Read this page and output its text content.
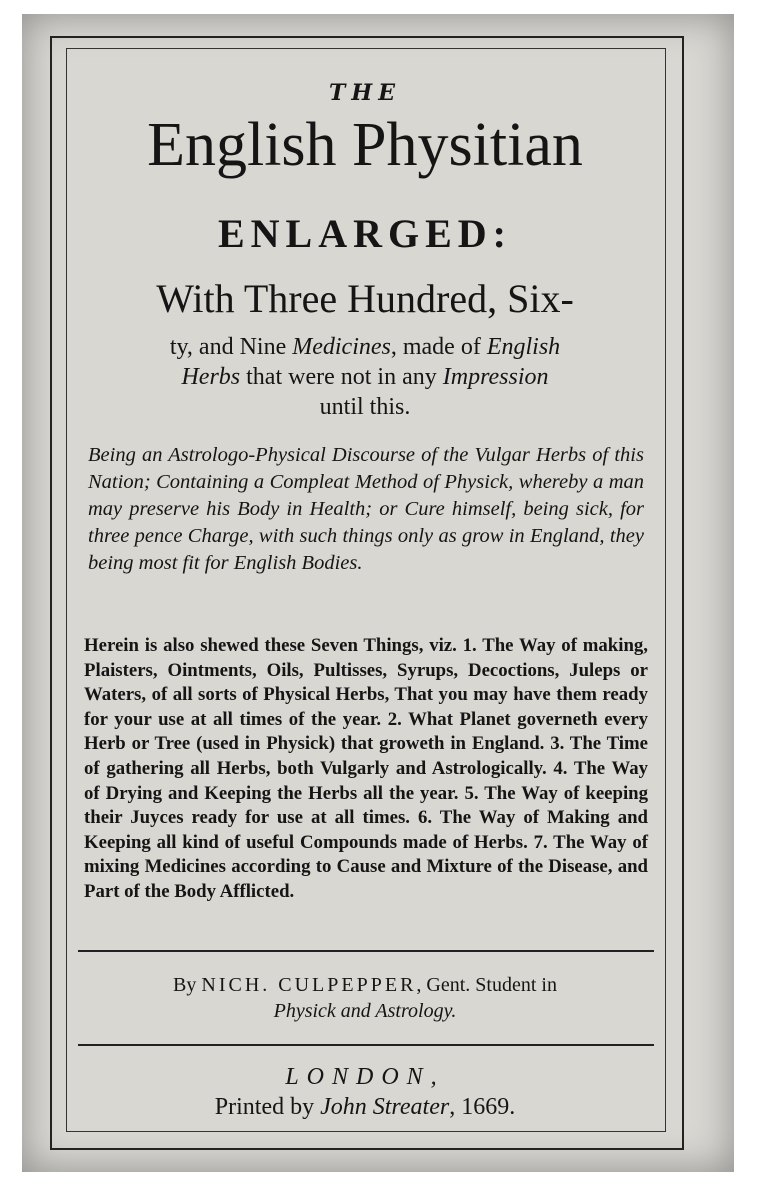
THE

English Physitian

ENLARGED:

With Three Hundred, Six-

ty, and Nine Medicines, made of English
Herbs that were not in any Impression
until this.

Being an Astrologo-Physical Discourse of the Vulgar Herbs of this Nation; Containing a Compleat Method of Physick, whereby a man may preserve his Body in Health; or Cure himself, being sick, for three pence Charge, with such things only as grow in England, they being most fit for English Bodies.

Herein is also shewed these Seven Things, viz. 1. The Way of making, Plaisters, Ointments, Oils, Pultisses, Syrups, Decoctions, Juleps or Waters, of all sorts of Physical Herbs, That you may have them ready for your use at all times of the year. 2. What Planet governeth every Herb or Tree (used in Physick) that groweth in England. 3. The Time of gathering all Herbs, both Vulgarly and Astrologically. 4. The Way of Drying and Keeping the Herbs all the year. 5. The Way of keeping their Juyces ready for use at all times. 6. The Way of Making and Keeping all kind of useful Compounds made of Herbs. 7. The Way of mixing Medicines according to Cause and Mixture of the Disease, and Part of the Body Afflicted.

By NICH. CULPEPPER, Gent. Student in
Physick and Astrology.

LONDON,

Printed by John Streater, 1669.
